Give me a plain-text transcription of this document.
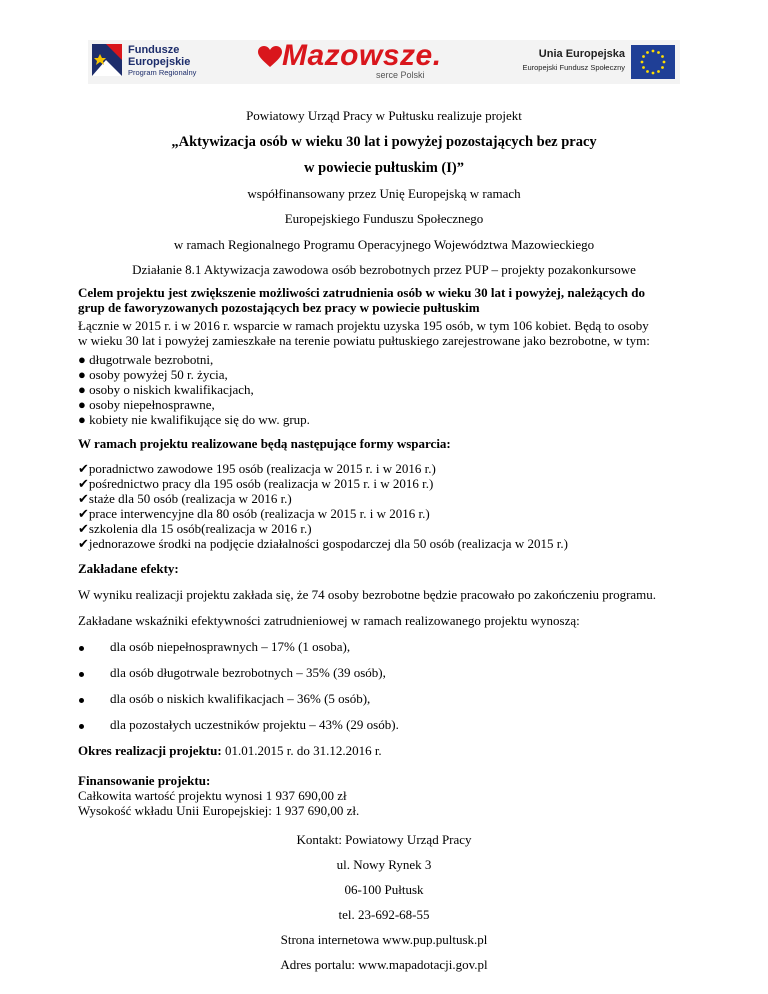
Fundusze
Europejskie
Program Regionalny
Mazowsze.
serce Polski
Unia Europejska
Europejski Fundusz Społeczny
Powiatowy Urząd Pracy w Pułtusku realizuje projekt
„Aktywizacja osób w wieku 30 lat i powyżej pozostających bez pracy
w powiecie pułtuskim (I)”
współfinansowany przez Unię Europejską w ramach
Europejskiego Funduszu Społecznego
w ramach Regionalnego Programu Operacyjnego Województwa Mazowieckiego
Działanie 8.1 Aktywizacja zawodowa osób bezrobotnych przez PUP – projekty pozakonkursowe
Celem projektu jest zwiększenie możliwości zatrudnienia osób w wieku 30 lat i powyżej, należących do
grup de faworyzowanych pozostających bez pracy w powiecie pułtuskim
Łącznie w 2015 r. i w 2016 r. wsparcie w ramach projektu uzyska 195 osób, w tym 106 kobiet. Będą to osoby
w wieku 30 lat i powyżej zamieszkałe na terenie powiatu pułtuskiego zarejestrowane jako bezrobotne, w tym:
● długotrwale bezrobotni,
● osoby powyżej 50 r. życia,
● osoby o niskich kwalifikacjach,
● osoby niepełnosprawne,
● kobiety nie kwalifikujące się do ww. grup.
W ramach projektu realizowane będą następujące formy wsparcia:
✔poradnictwo zawodowe 195 osób (realizacja w 2015 r. i w 2016 r.)
✔pośrednictwo pracy dla 195 osób (realizacja w 2015 r. i w 2016 r.)
✔staże dla 50 osób (realizacja w 2016 r.)
✔prace interwencyjne dla 80 osób (realizacja w 2015 r. i w 2016 r.)
✔szkolenia dla 15 osób(realizacja w 2016 r.)
✔jednorazowe środki na podjęcie działalności gospodarczej dla 50 osób (realizacja w 2015 r.)
Zakładane efekty:
W wyniku realizacji projektu zakłada się, że 74 osoby bezrobotne będzie pracowało po zakończeniu programu.
Zakładane wskaźniki efektywności zatrudnieniowej w ramach realizowanego projektu wynoszą:
dla osób niepełnosprawnych – 17% (1 osoba),
dla osób długotrwale bezrobotnych – 35% (39 osób),
dla osób o niskich kwalifikacjach – 36% (5 osób),
dla pozostałych uczestników projektu – 43% (29 osób).
Okres realizacji projektu: 01.01.2015 r. do 31.12.2016 r.
Finansowanie projektu:
Całkowita wartość projektu wynosi 1 937 690,00 zł
Wysokość wkładu Unii Europejskiej: 1 937 690,00 zł.
Kontakt: Powiatowy Urząd Pracy
ul. Nowy Rynek 3
06-100 Pułtusk
tel. 23-692-68-55
Strona internetowa www.pup.pultusk.pl
Adres portalu: www.mapadotacji.gov.pl
